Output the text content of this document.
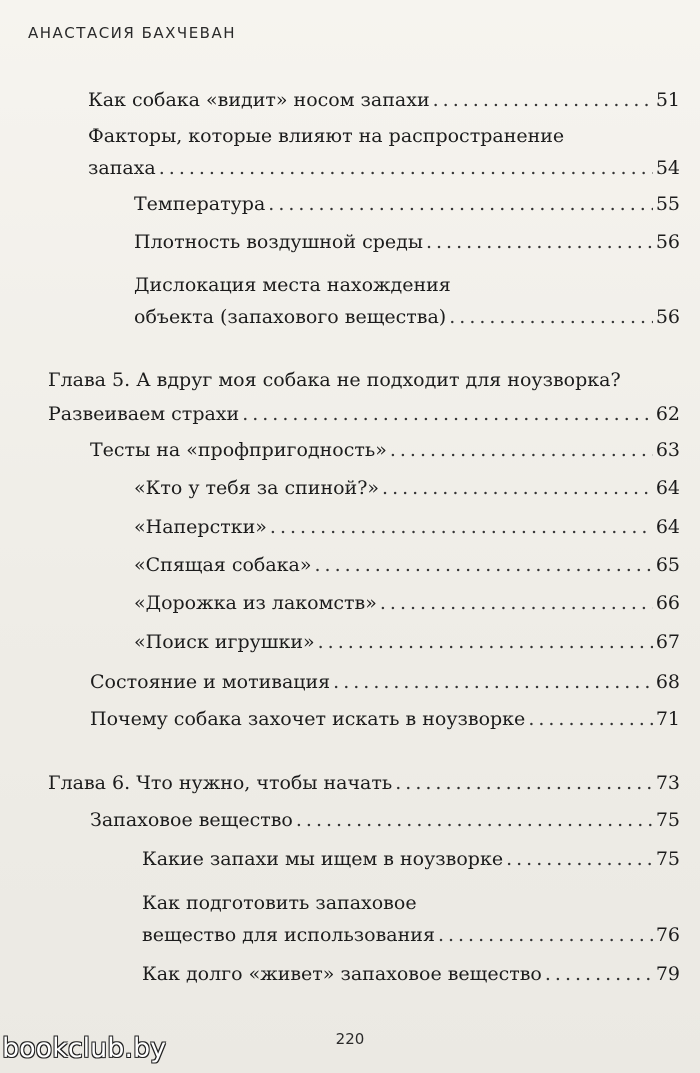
АНАСТАСИЯ БАХЧЕВАН
Как собака «видит» носом запахи .....	51
Факторы, которые влияют на распространение
запаха .....	54
Температура .....	55
Плотность воздушной среды .....	56
Дислокация места нахождения
объекта (запахового вещества) .....	56
Глава 5. А вдруг моя собака не подходит для ноузворка?
Развеиваем страхи .....	62
Тесты на «профпригодность» .....	63
«Кто у тебя за спиной?» .....	64
«Наперстки» .....	64
«Спящая собака» .....	65
«Дорожка из лакомств» .....	66
«Поиск игрушки» .....	67
Состояние и мотивация .....	68
Почему собака захочет искать в ноузворке .....	71
Глава 6. Что нужно, чтобы начать .....	73
Запаховое вещество .....	75
Какие запахи мы ищем в ноузворке .....	75
Как подготовить запаховое
вещество для использования .....	76
Как долго «живет» запаховое вещество .....	79
220
bookclub.by
